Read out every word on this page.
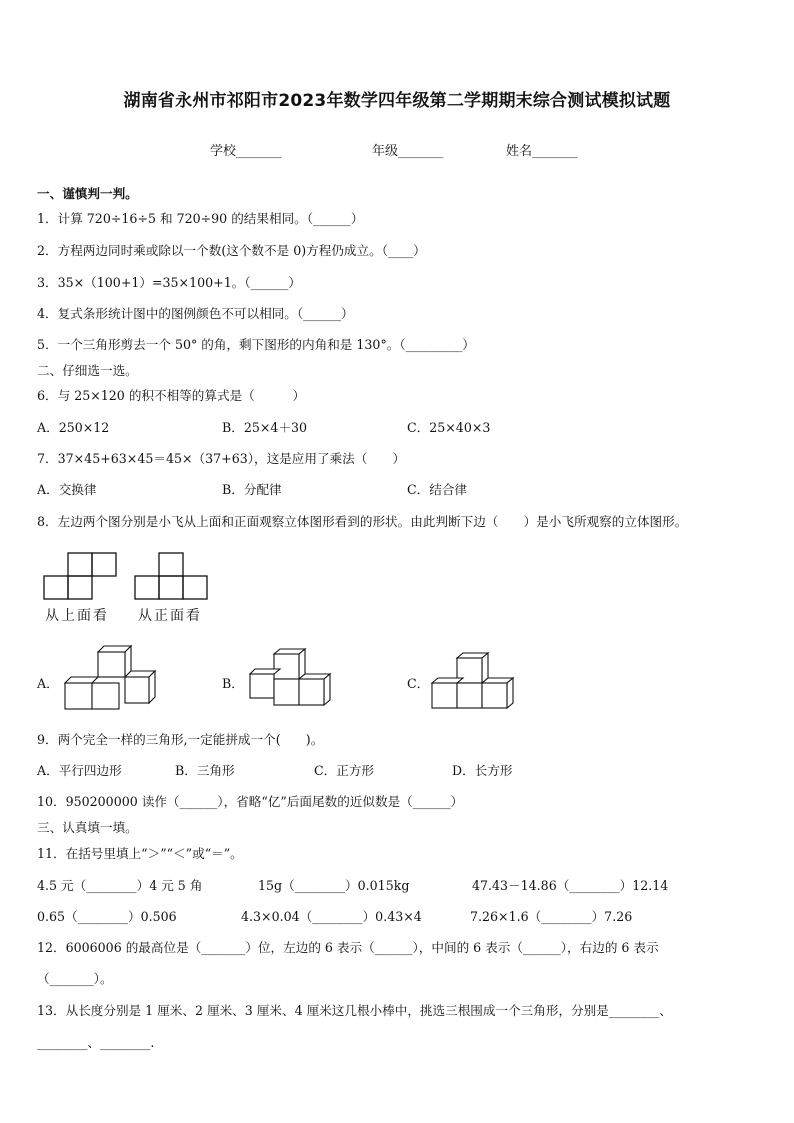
湖南省永州市祁阳市2023年数学四年级第二学期期末综合测试模拟试题
学校_______	年级_______	姓名_______
一、谨慎判一判。
1．计算 720÷16÷5 和 720÷90 的结果相同。（______）
2．方程两边同时乘或除以一个数(这个数不是 0)方程仍成立。（____）
3．35×（100+1）=35×100+1。（______）
4．复式条形统计图中的图例颜色不可以相同。（______）
5．一个三角形剪去一个 50° 的角，剩下图形的内角和是 130°。（_________）
二、仔细选一选。
6．与 25×120 的积不相等的算式是（　　　）
A．250×12	B．25×4＋30	C．25×40×3
7．37×45+63×45＝45×（37+63），这是应用了乘法（　　）
A．交换律	B．分配律	C．结合律
8．左边两个图分别是小飞从上面和正面观察立体图形看到的形状。由此判断下边（　　）是小飞所观察的立体图形。
从上面看 从正面看
A．	B．	C．
9．两个完全一样的三角形,一定能拼成一个(　　)。
A．平行四边形	B．三角形	C．正方形	D．长方形
10．950200000 读作（______），省略“亿”后面尾数的近似数是（______）
三、认真填一填。
11．在括号里填上“＞”“＜”或“＝”。
4.5 元（________）4 元 5 角	15g（________）0.015kg	47.43－14.86（________）12.14
0.65（________）0.506	4.3×0.04（________）0.43×4	7.26×1.6（________）7.26
12．6006006 的最高位是（_______）位，左边的 6 表示（______），中间的 6 表示（______），右边的 6 表示
（_______）。
13．从长度分别是 1 厘米、2 厘米、3 厘米、4 厘米这几根小棒中，挑选三根围成一个三角形，分别是________、
________、________.
